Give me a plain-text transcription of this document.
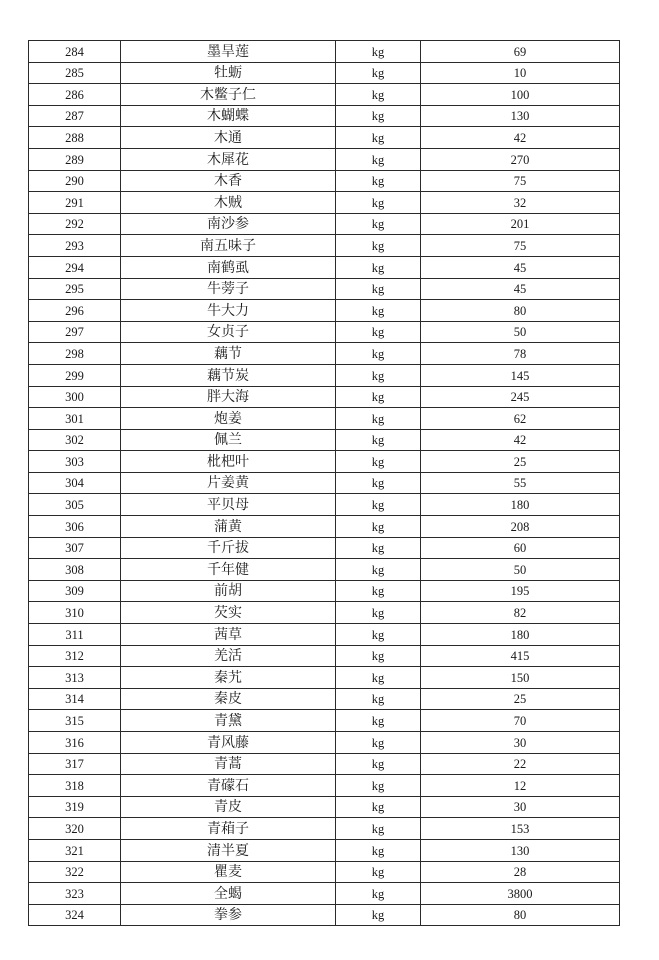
284	墨旱莲	kg	69
285	牡蛎	kg	10
286	木鳖子仁	kg	100
287	木蝴蝶	kg	130
288	木通	kg	42
289	木犀花	kg	270
290	木香	kg	75
291	木贼	kg	32
292	南沙参	kg	201
293	南五味子	kg	75
294	南鹤虱	kg	45
295	牛蒡子	kg	45
296	牛大力	kg	80
297	女贞子	kg	50
298	藕节	kg	78
299	藕节炭	kg	145
300	胖大海	kg	245
301	炮姜	kg	62
302	佩兰	kg	42
303	枇杷叶	kg	25
304	片姜黄	kg	55
305	平贝母	kg	180
306	蒲黄	kg	208
307	千斤拔	kg	60
308	千年健	kg	50
309	前胡	kg	195
310	芡实	kg	82
311	茜草	kg	180
312	羌活	kg	415
313	秦艽	kg	150
314	秦皮	kg	25
315	青黛	kg	70
316	青风藤	kg	30
317	青蒿	kg	22
318	青礞石	kg	12
319	青皮	kg	30
320	青葙子	kg	153
321	清半夏	kg	130
322	瞿麦	kg	28
323	全蝎	kg	3800
324	拳参	kg	80
